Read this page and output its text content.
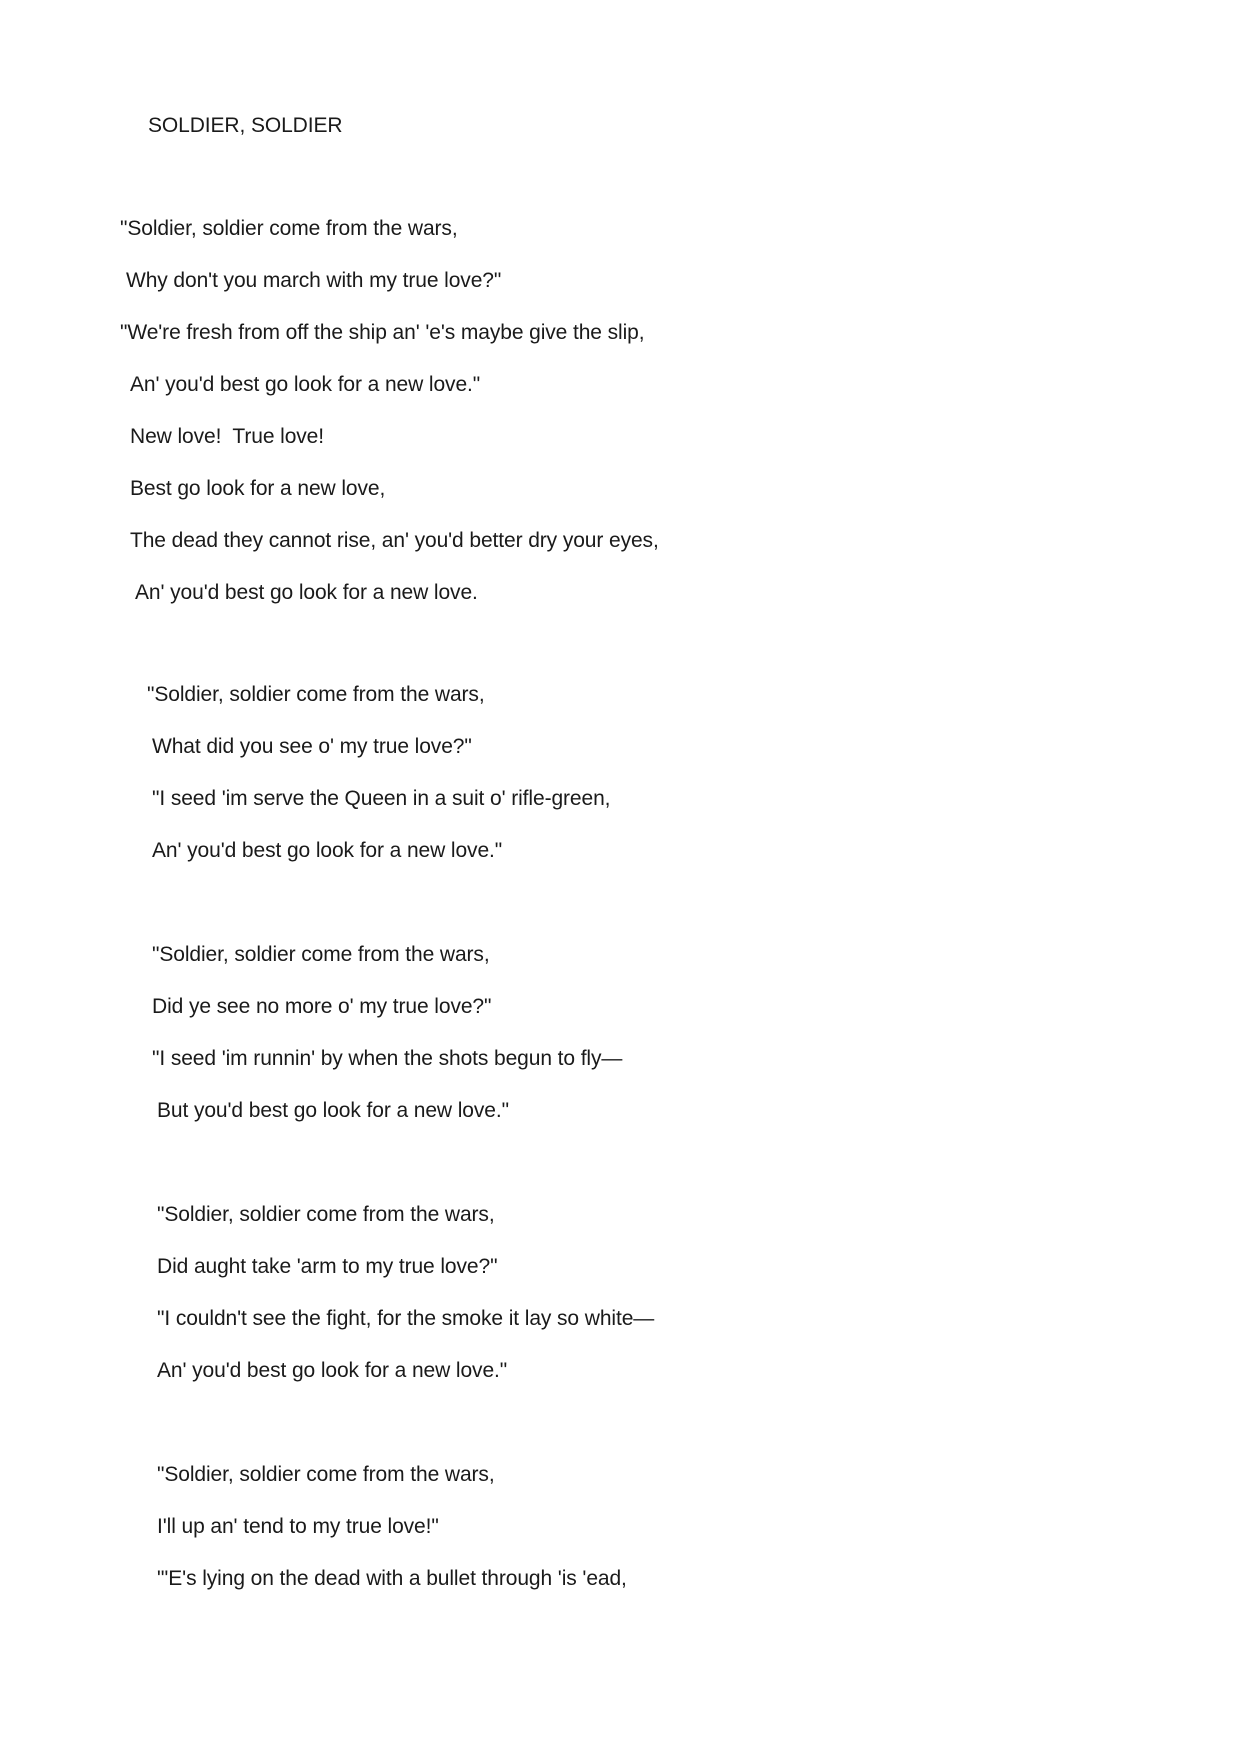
SOLDIER, SOLDIER
"Soldier, soldier come from the wars,
Why don't you march with my true love?"
"We're fresh from off the ship an' 'e's maybe give the slip,
An' you'd best go look for a new love."
New love!  True love!
Best go look for a new love,
The dead they cannot rise, an' you'd better dry your eyes,
An' you'd best go look for a new love.
"Soldier, soldier come from the wars,
What did you see o' my true love?"
"I seed 'im serve the Queen in a suit o' rifle-green,
An' you'd best go look for a new love."
"Soldier, soldier come from the wars,
Did ye see no more o' my true love?"
"I seed 'im runnin' by when the shots begun to fly—
But you'd best go look for a new love."
"Soldier, soldier come from the wars,
Did aught take 'arm to my true love?"
"I couldn't see the fight, for the smoke it lay so white—
An' you'd best go look for a new love."
"Soldier, soldier come from the wars,
I'll up an' tend to my true love!"
"'E's lying on the dead with a bullet through 'is 'ead,
